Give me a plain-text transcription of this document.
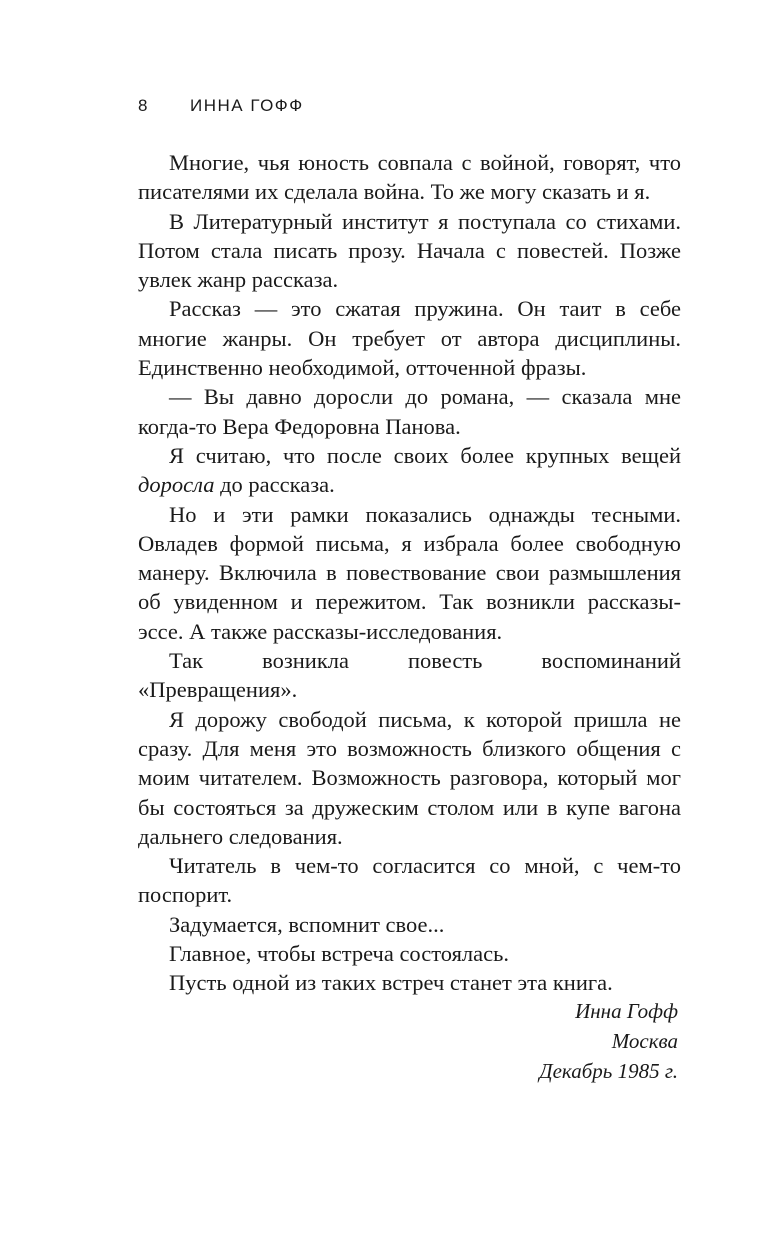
8 ИННА ГОФФ

Многие, чья юность совпала с войной, говорят, что писателями их сделала война. То же могу сказать и я.

В Литературный институт я поступала со стихами. Потом стала писать прозу. Начала с повестей. Позже увлек жанр рассказа.

Рассказ — это сжатая пружина. Он таит в себе многие жанры. Он требует от автора дисциплины. Единственно необходимой, отточенной фразы.

— Вы давно доросли до романа, — сказала мне когда-то Вера Федоровна Панова.

Я считаю, что после своих более крупных вещей доросла до рассказа.

Но и эти рамки показались однажды тесными. Овладев формой письма, я избрала более свободную манеру. Включила в повествование свои размышления об увиденном и пережитом. Так возникли рассказы-эссе. А также рассказы-исследования.

Так возникла повесть воспоминаний «Превращения».

Я дорожу свободой письма, к которой пришла не сразу. Для меня это возможность близкого общения с моим читателем. Возможность разговора, который мог бы состояться за дружеским столом или в купе вагона дальнего следования.

Читатель в чем-то согласится со мной, с чем-то поспорит.

Задумается, вспомнит свое...

Главное, чтобы встреча состоялась.

Пусть одной из таких встреч станет эта книга.

Инна Гофф
Москва
Декабрь 1985 г.
